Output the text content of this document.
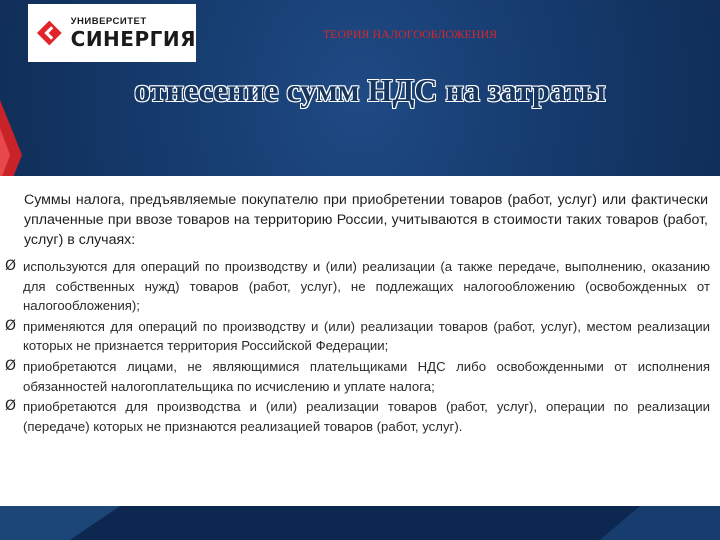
УНИВЕРСИТЕТ
СИНЕРГИЯ	ТЕОРИЯ НАЛОГООБЛОЖЕНИЯ
отнесение сумм НДС на затраты

Суммы налога, предъявляемые покупателю при приобретении товаров (работ, услуг) или фактически уплаченные при ввозе товаров на территорию России, учитываются в стоимости таких товаров (работ, услуг) в случаях:

Ø используются для операций по производству и (или) реализации (а также передаче, выполнению, оказанию для собственных нужд) товаров (работ, услуг), не подлежащих налогообложению (освобожденных от налогообложения);
Ø применяются для операций по производству и (или) реализации товаров (работ, услуг), местом реализации которых не признается территория Российской Федерации;
Ø приобретаются лицами, не являющимися плательщиками НДС либо освобожденными от исполнения обязанностей налогоплательщика по исчислению и уплате налога;
Ø приобретаются для производства и (или) реализации товаров (работ, услуг), операции по реализации (передаче) которых не признаются реализацией товаров (работ, услуг).
